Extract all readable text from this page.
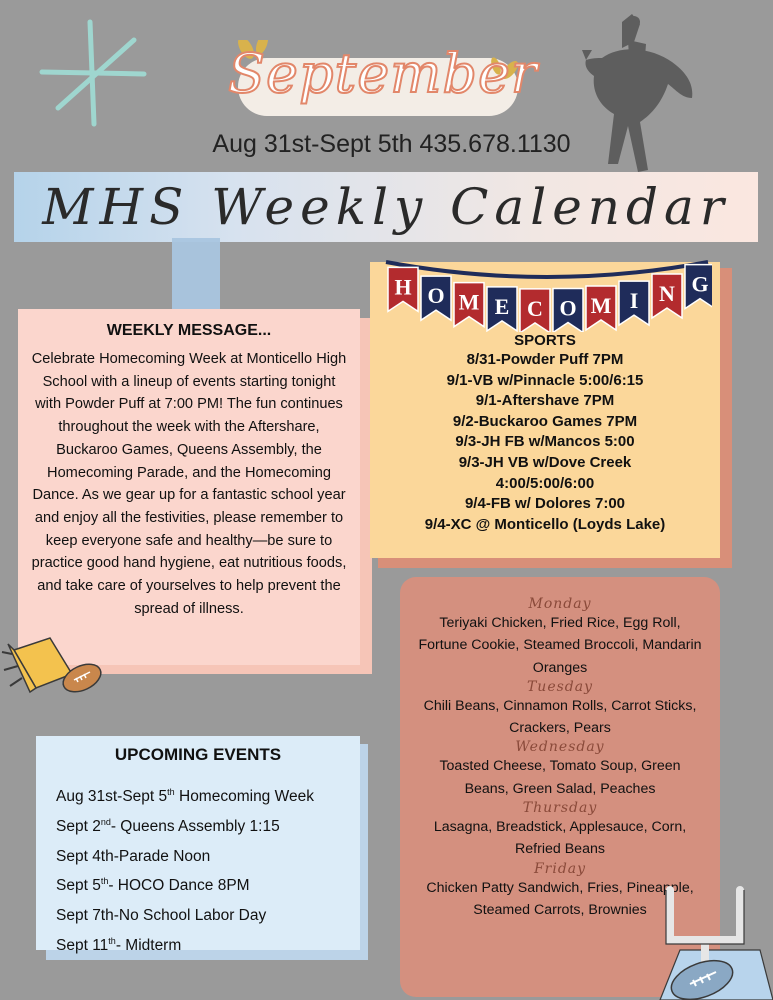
September
Aug 31st-Sept 5th 435.678.1130
MHS Weekly Calendar
WEEKLY MESSAGE...
Celebrate Homecoming Week at Monticello High School with a lineup of events starting tonight with Powder Puff at 7:00 PM! The fun continues throughout the week with the Aftershare, Buckaroo Games, Queens Assembly, the Homecoming Parade, and the Homecoming Dance. As we gear up for a fantastic school year and enjoy all the festivities, please remember to keep everyone safe and healthy—be sure to practice good hand hygiene, eat nutritious foods, and take care of yourselves to help prevent the spread of illness.
H O M E C O M I N G
SPORTS
8/31-Powder Puff 7PM
9/1-VB w/Pinnacle 5:00/6:15
9/1-Aftershave 7PM
9/2-Buckaroo Games 7PM
9/3-JH FB w/Mancos 5:00
9/3-JH VB w/Dove Creek
4:00/5:00/6:00
9/4-FB w/ Dolores 7:00
9/4-XC @ Monticello (Loyds Lake)
UPCOMING EVENTS
Aug 31st-Sept 5th Homecoming Week
Sept 2nd- Queens Assembly 1:15
Sept 4th-Parade Noon
Sept 5th- HOCO Dance 8PM
Sept 7th-No School Labor Day
Sept 11th- Midterm
Monday
Teriyaki Chicken, Fried Rice, Egg Roll, Fortune Cookie, Steamed Broccoli, Mandarin Oranges
Tuesday
Chili Beans, Cinnamon Rolls, Carrot Sticks, Crackers, Pears
Wednesday
Toasted Cheese, Tomato Soup, Green Beans, Green Salad, Peaches
Thursday
Lasagna, Breadstick, Applesauce, Corn, Refried Beans
Friday
Chicken Patty Sandwich, Fries, Pineapple, Steamed Carrots, Brownies
